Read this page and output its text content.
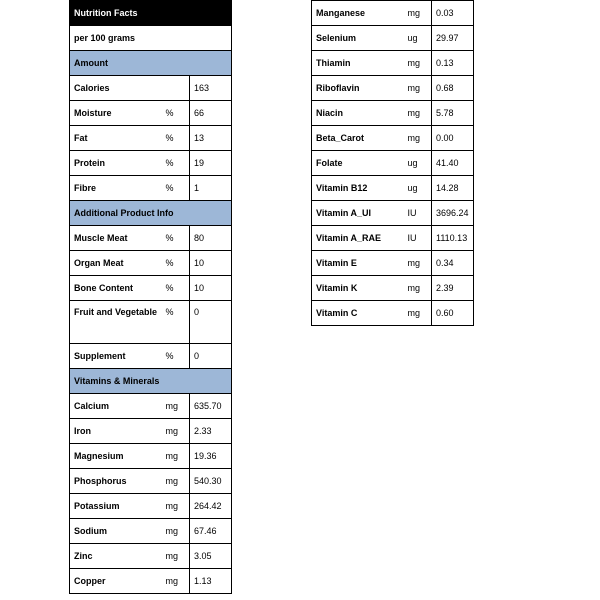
Nutrition Facts		
per 100 grams		
Amount		
Calories		163
Moisture	%	66
Fat	%	13
Protein	%	19
Fibre	%	1
Additional Product Info		
Muscle Meat	%	80
Organ Meat	%	10
Bone Content	%	10
Fruit and Vegetable	%	0
Supplement	%	0
Vitamins & Minerals		
Calcium	mg	635.70
Iron	mg	2.33
Magnesium	mg	19.36
Phosphorus	mg	540.30
Potassium	mg	264.42
Sodium	mg	67.46
Zinc	mg	3.05
Copper	mg	1.13
Manganese	mg	0.03
Selenium	ug	29.97
Thiamin	mg	0.13
Riboflavin	mg	0.68
Niacin	mg	5.78
Beta_Carot	mg	0.00
Folate	ug	41.40
Vitamin B12	ug	14.28
Vitamin A_UI	IU	3696.24
Vitamin A_RAE	IU	1110.13
Vitamin E	mg	0.34
Vitamin K	mg	2.39
Vitamin C	mg	0.60
